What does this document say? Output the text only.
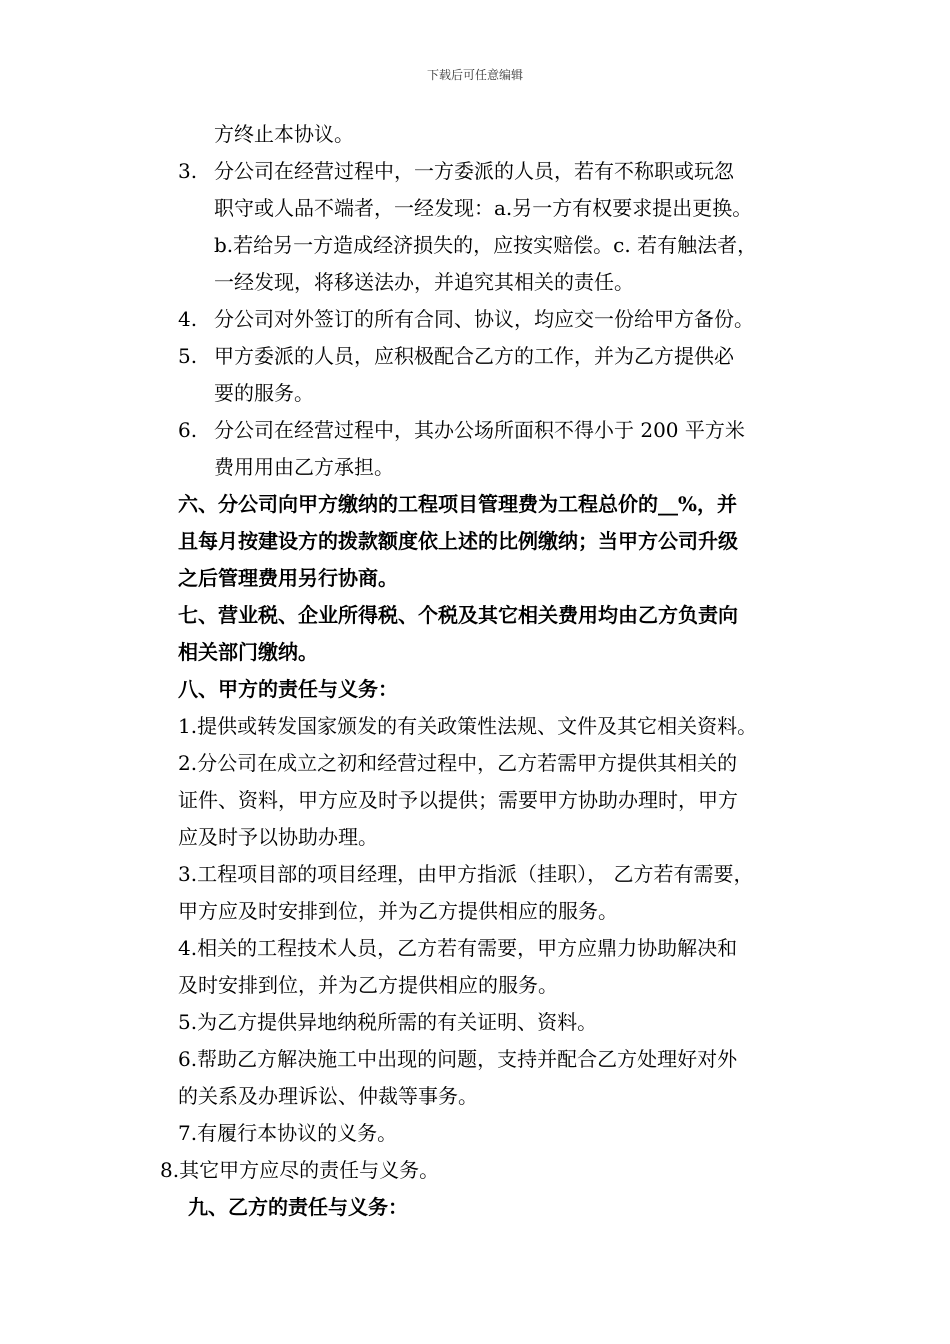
下载后可任意编辑
方终止本协议。
3. 分公司在经营过程中，一方委派的人员，若有不称职或玩忽
职守或人品不端者，一经发现：a.另一方有权要求提出更换。
b.若给另一方造成经济损失的，应按实赔偿。c. 若有触法者，
一经发现，将移送法办，并追究其相关的责任。
4. 分公司对外签订的所有合同、协议，均应交一份给甲方备份。
5. 甲方委派的人员，应积极配合乙方的工作，并为乙方提供必
要的服务。
6. 分公司在经营过程中，其办公场所面积不得小于 200 平方米
费用用由乙方承担。
六、分公司向甲方缴纳的工程项目管理费为工程总价的__%，并
且每月按建设方的拨款额度依上述的比例缴纳；当甲方公司升级
之后管理费用另行协商。
七、营业税、企业所得税、个税及其它相关费用均由乙方负责向
相关部门缴纳。
八、甲方的责任与义务：
1.提供或转发国家颁发的有关政策性法规、文件及其它相关资料。
2.分公司在成立之初和经营过程中，乙方若需甲方提供其相关的
证件、资料，甲方应及时予以提供；需要甲方协助办理时，甲方
应及时予以协助办理。
3.工程项目部的项目经理，由甲方指派（挂职）， 乙方若有需要，
甲方应及时安排到位，并为乙方提供相应的服务。
4.相关的工程技术人员，乙方若有需要，甲方应鼎力协助解决和
及时安排到位，并为乙方提供相应的服务。
5.为乙方提供异地纳税所需的有关证明、资料。
6.帮助乙方解决施工中出现的问题，支持并配合乙方处理好对外
的关系及办理诉讼、仲裁等事务。
7.有履行本协议的义务。
8.其它甲方应尽的责任与义务。
九、乙方的责任与义务：
